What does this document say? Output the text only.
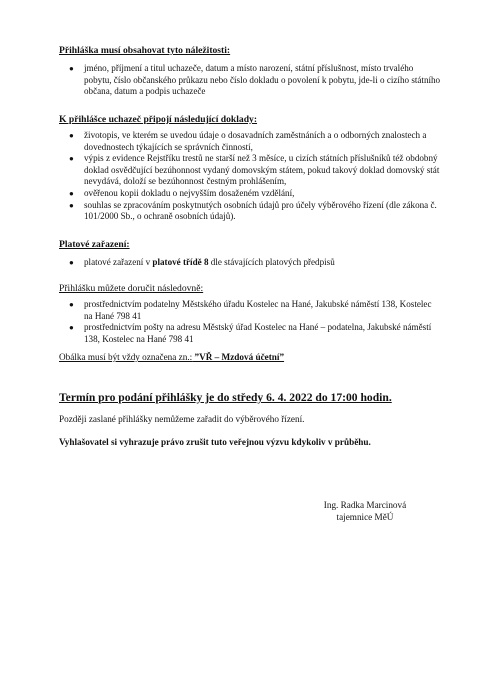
Přihláška musí obsahovat tyto náležitosti:
● jméno, příjmení a titul uchazeče, datum a místo narození, státní příslušnost, místo trvalého pobytu, číslo občanského průkazu nebo číslo dokladu o povolení k pobytu, jde-li o cizího státního občana, datum a podpis uchazeče
K přihlášce uchazeč připojí následující doklady:
● životopis, ve kterém se uvedou údaje o dosavadních zaměstnáních a o odborných znalostech a dovednostech týkajících se správních činností,
● výpis z evidence Rejstříku trestů ne starší než 3 měsíce, u cizích státních příslušníků též obdobný doklad osvědčující bezúhonnost vydaný domovským státem, pokud takový doklad domovský stát nevydává, doloží se bezúhonnost čestným prohlášením,
● ověřenou kopii dokladu o nejvyšším dosaženém vzdělání,
● souhlas se zpracováním poskytnutých osobních údajů pro účely výběrového řízení (dle zákona č. 101/2000 Sb., o ochraně osobních údajů).
Platové zařazení:
● platové zařazení v platové třídě 8 dle stávajících platových předpisů
Přihlášku můžete doručit následovně:
● prostřednictvím podatelny Městského úřadu Kostelec na Hané, Jakubské náměstí 138, Kostelec na Hané 798 41
● prostřednictvím pošty na adresu Městský úřad Kostelec na Hané – podatelna, Jakubské náměstí 138, Kostelec na Hané 798 41
Obálka musí být vždy označena zn.: ”VŘ – Mzdová účetní”
Termín pro podání přihlášky je do středy 6. 4. 2022 do 17:00 hodin.
Později zaslané přihlášky nemůžeme zařadit do výběrového řízení.
Vyhlašovatel si vyhrazuje právo zrušit tuto veřejnou výzvu kdykoliv v průběhu.
Ing. Radka Marcinová
tajemnice MěÚ
